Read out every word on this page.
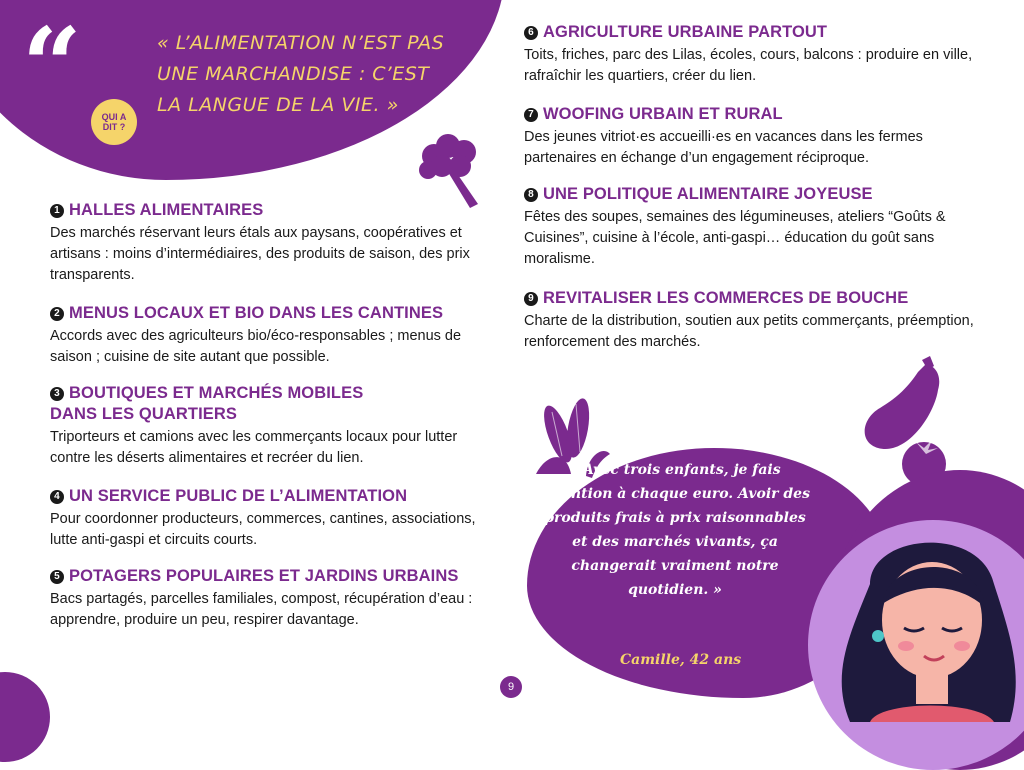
“	« L’ALIMENTATION N’EST PAS UNE MARCHANDISE : C’EST LA LANGUE DE LA VIE. »
QUI A DIT ?
1 HALLES ALIMENTAIRES

Des marchés réservant leurs étals aux paysans, coopératives et artisans : moins d’intermédiaires, des produits de saison, des prix transparents.

2 MENUS LOCAUX ET BIO DANS LES CANTINES

Accords avec des agriculteurs bio/éco-responsables ; menus de saison ; cuisine de site autant que possible.

3 BOUTIQUES ET MARCHÉS MOBILES DANS LES QUARTIERS

Triporteurs et camions avec les commerçants locaux pour lutter contre les déserts alimentaires et recréer du lien.

4 UN SERVICE PUBLIC DE L’ALIMENTATION

Pour coordonner producteurs, commerces, cantines, associations, lutte anti-gaspi et circuits courts.

5 POTAGERS POPULAIRES ET JARDINS URBAINS

Bacs partagés, parcelles familiales, compost, récupération d’eau : apprendre, produire un peu, respirer davantage.

6 AGRICULTURE URBAINE PARTOUT

Toits, friches, parc des Lilas, écoles, cours, balcons : produire en ville, rafraîchir les quartiers, créer du lien.

7 WOOFING URBAIN ET RURAL

Des jeunes vitriot·es accueilli·es en vacances dans les fermes partenaires en échange d’un engagement réciproque.

8 UNE POLITIQUE ALIMENTAIRE JOYEUSE

Fêtes des soupes, semaines des légumineuses, ateliers “Goûts & Cuisines”, cuisine à l’école, anti-gaspi… éducation du goût sans moralisme.

9 REVITALISER LES COMMERCES DE BOUCHE

Charte de la distribution, soutien aux petits commerçants, préemption, renforcement des marchés.

« Avec trois enfants, je fais attention à chaque euro. Avoir des produits frais à prix raisonnables et des marchés vivants, ça changerait vraiment notre quotidien. »
Camille, 42 ans
9
